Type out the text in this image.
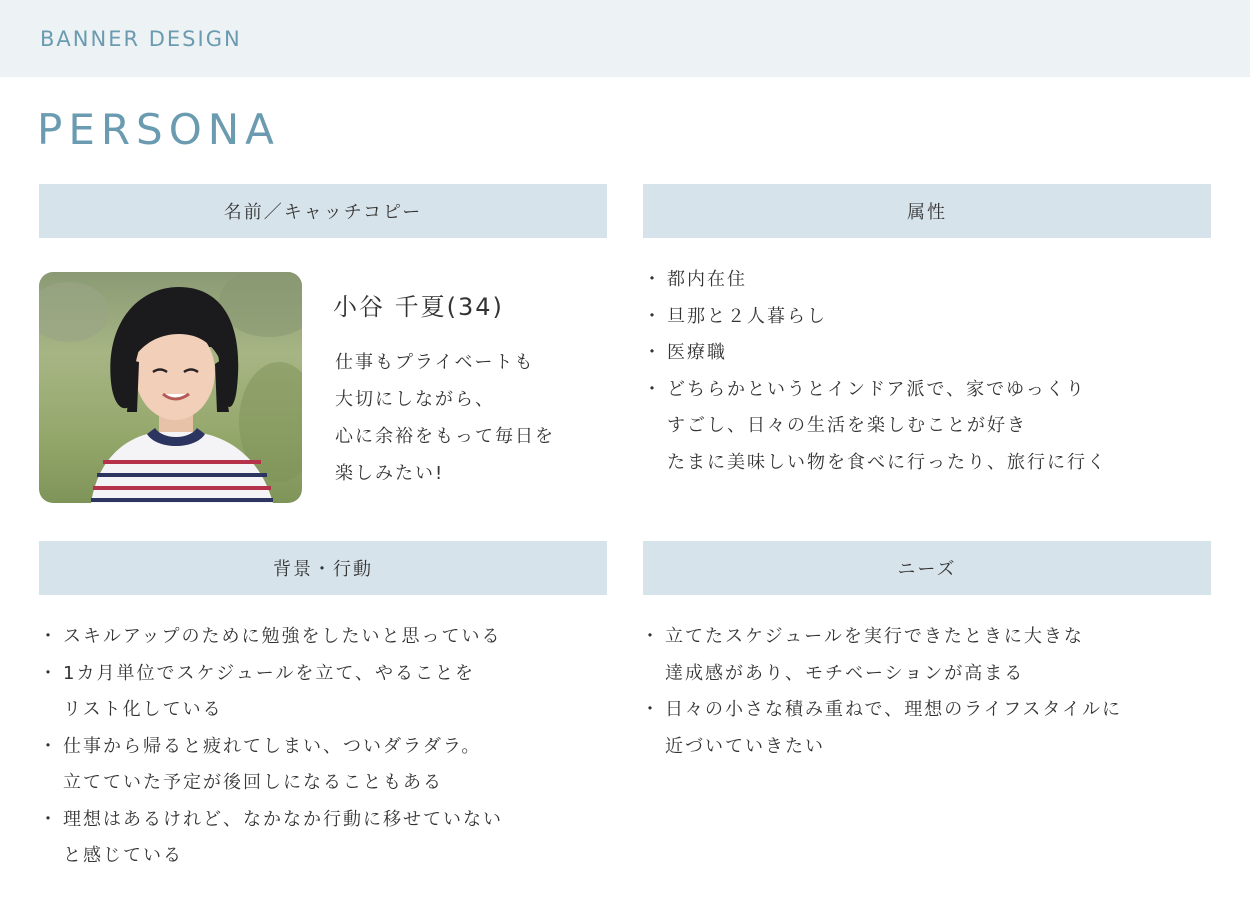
BANNER DESIGN
PERSONA
名前／キャッチコピー
小谷 千夏(34)
仕事もプライベートも
大切にしながら、
心に余裕をもって毎日を
楽しみたい!
属性
・ 都内在住
・ 旦那と２人暮らし
・ 医療職
・ どちらかというとインドア派で、家でゆっくり
すごし、日々の生活を楽しむことが好き
たまに美味しい物を食べに行ったり、旅行に行く
背景・行動
・ スキルアップのために勉強をしたいと思っている
・ 1カ月単位でスケジュールを立て、やることを
リスト化している
・ 仕事から帰ると疲れてしまい、ついダラダラ。
立てていた予定が後回しになることもある
・ 理想はあるけれど、なかなか行動に移せていない
と感じている
ニーズ
・ 立てたスケジュールを実行できたときに大きな
達成感があり、モチベーションが高まる
・ 日々の小さな積み重ねで、理想のライフスタイルに
近づいていきたい
